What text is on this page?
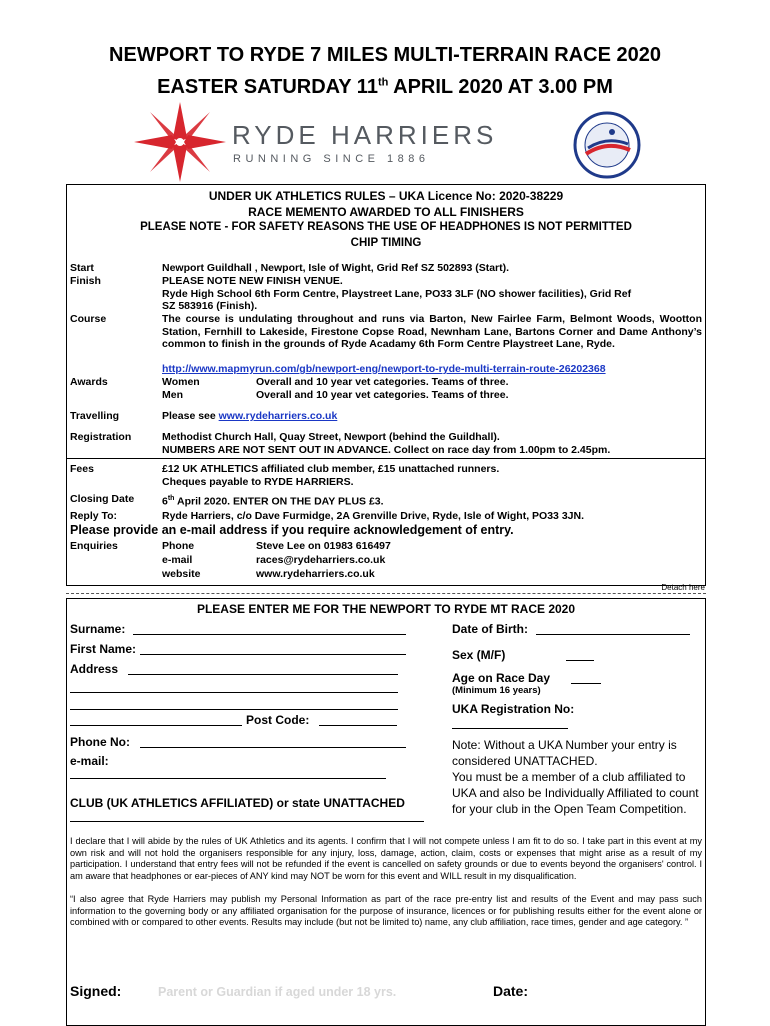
NEWPORT TO RYDE 7 MILES MULTI-TERRAIN RACE 2020
EASTER SATURDAY 11th APRIL 2020 AT 3.00 PM
RYDE HARRIERS
RUNNING SINCE 1886
UNDER UK ATHLETICS RULES – UKA Licence No: 2020-38229
RACE MEMENTO AWARDED TO ALL FINISHERS
PLEASE NOTE - FOR SAFETY REASONS THE USE OF HEADPHONES IS NOT PERMITTED
CHIP TIMING
Start	Newport Guildhall , Newport, Isle of Wight, Grid Ref SZ 502893 (Start).
Finish	PLEASE NOTE NEW FINISH VENUE.
Ryde High School 6th Form Centre, Playstreet Lane, PO33 3LF (NO shower facilities), Grid Ref
SZ 583916 (Finish).
Course	The course is undulating throughout and runs via Barton, New Fairlee Farm, Belmont Woods, Wootton Station, Fernhill to Lakeside, Firestone Copse Road, Newnham Lane, Bartons Corner and Dame Anthony’s common to finish in the grounds of Ryde Acadamy 6th Form Centre Playstreet Lane, Ryde.
http://www.mapmyrun.com/gb/newport-eng/newport-to-ryde-multi-terrain-route-26202368
Awards	Women	Overall and 10 year vet categories. Teams of three.
Men	Overall and 10 year vet categories. Teams of three.
Travelling	Please see www.rydeharriers.co.uk
Registration	Methodist Church Hall, Quay Street, Newport (behind the Guildhall).
NUMBERS ARE NOT SENT OUT IN ADVANCE. Collect on race day from 1.00pm to 2.45pm.
Fees	£12 UK ATHLETICS affiliated club member, £15 unattached runners.
Cheques payable to RYDE HARRIERS.
Closing Date	6th April 2020. ENTER ON THE DAY PLUS £3.
Reply To:	Ryde Harriers, c/o Dave Furmidge, 2A Grenville Drive, Ryde, Isle of Wight, PO33 3JN.
Please provide an e-mail address if you require acknowledgement of entry.
Enquiries	Phone	Steve Lee on 01983 616497
e-mail	races@rydeharriers.co.uk
website	www.rydeharriers.co.uk
Detach here
PLEASE ENTER ME FOR THE NEWPORT TO RYDE MT RACE 2020
Surname:
First Name:
Address
Post Code:
Phone No:
e-mail:
CLUB (UK ATHLETICS AFFILIATED) or state UNATTACHED
Date of Birth:
Sex (M/F)
Age on Race Day
(Minimum 16 years)
UKA Registration No:
Note: Without a UKA Number your entry is considered UNATTACHED.
You must be a member of a club affiliated to UKA and also be Individually Affiliated to count for your club in the Open Team Competition.
I declare that I will abide by the rules of UK Athletics and its agents. I confirm that I will not compete unless I am fit to do so. I take part in this event at my own risk and will not hold the organisers responsible for any injury, loss, damage, action, claim, costs or expenses that might arise as a result of my participation. I understand that entry fees will not be refunded if the event is cancelled on safety grounds or due to events beyond the organisers' control. I am aware that headphones or ear-pieces of ANY kind may NOT be worn for this event and WILL result in my disqualification.
“I also agree that Ryde Harriers may publish my Personal Information as part of the race pre-entry list and results of the Event and may pass such information to the governing body or any affiliated organisation for the purpose of insurance, licences or for publishing results either for the event alone or combined with or compared to other events. Results may include (but not be limited to) name, any club affiliation, race times, gender and age category. ”
Signed:	Parent or Guardian if aged under 18 yrs.	Date:
